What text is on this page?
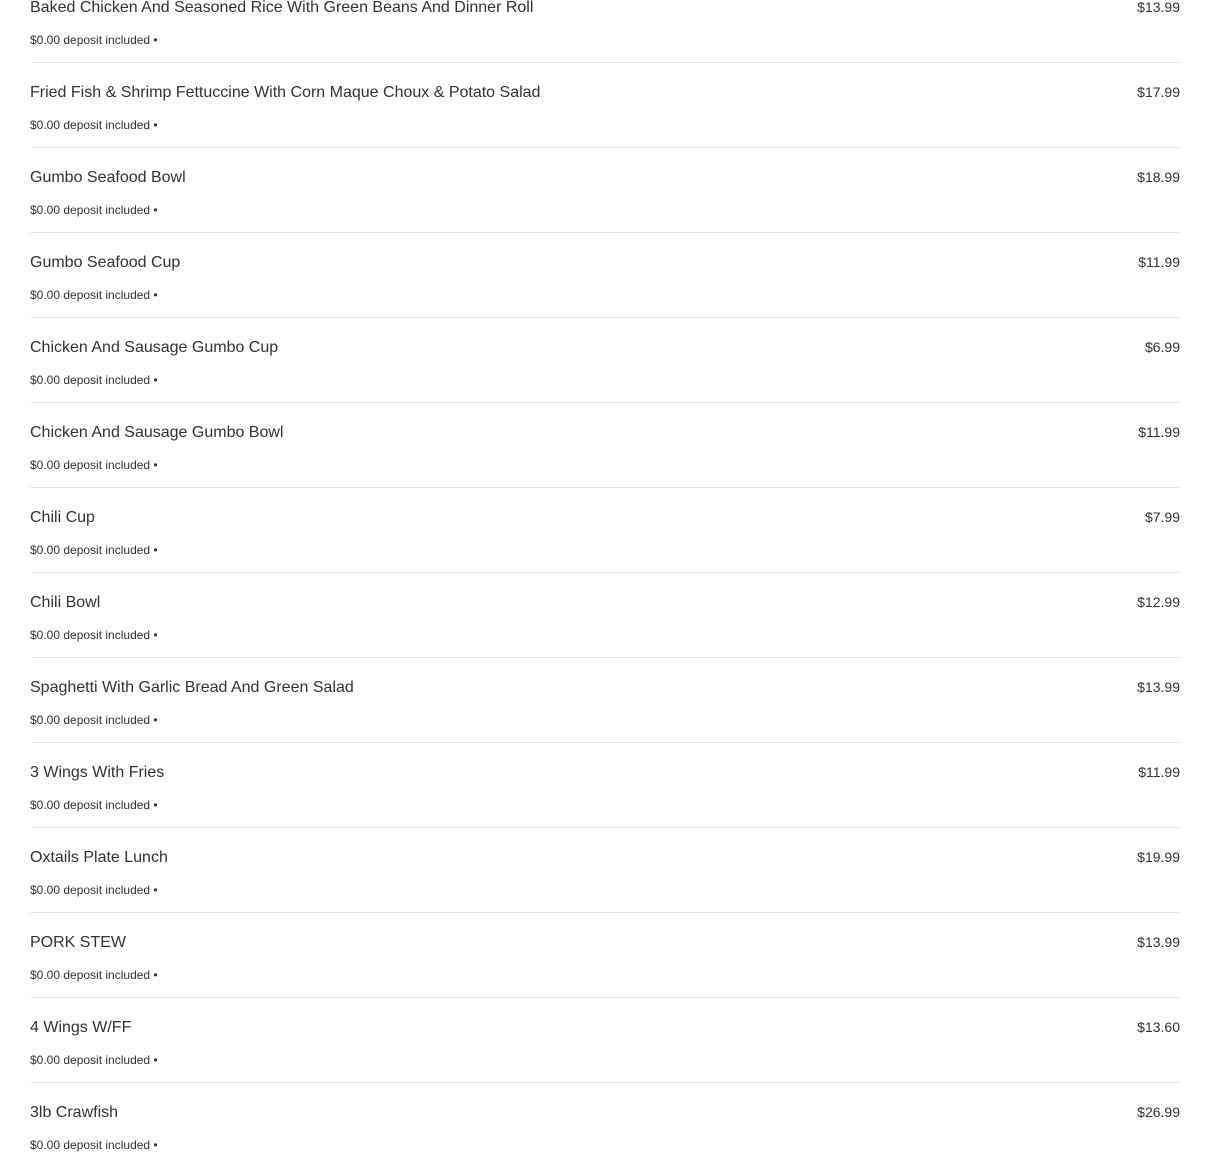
Baked Chicken And Seasoned Rice With Green Beans And Dinner Roll	$13.99
$0.00 deposit included •
Fried Fish & Shrimp Fettuccine With Corn Maque Choux & Potato Salad	$17.99
$0.00 deposit included •
Gumbo Seafood Bowl	$18.99
$0.00 deposit included •
Gumbo Seafood Cup	$11.99
$0.00 deposit included •
Chicken And Sausage Gumbo Cup	$6.99
$0.00 deposit included •
Chicken And Sausage Gumbo Bowl	$11.99
$0.00 deposit included •
Chili Cup	$7.99
$0.00 deposit included •
Chili Bowl	$12.99
$0.00 deposit included •
Spaghetti With Garlic Bread And Green Salad	$13.99
$0.00 deposit included •
3 Wings With Fries	$11.99
$0.00 deposit included •
Oxtails Plate Lunch	$19.99
$0.00 deposit included •
PORK STEW	$13.99
$0.00 deposit included •
4 Wings W/FF	$13.60
$0.00 deposit included •
3lb Crawfish	$26.99
$0.00 deposit included •
